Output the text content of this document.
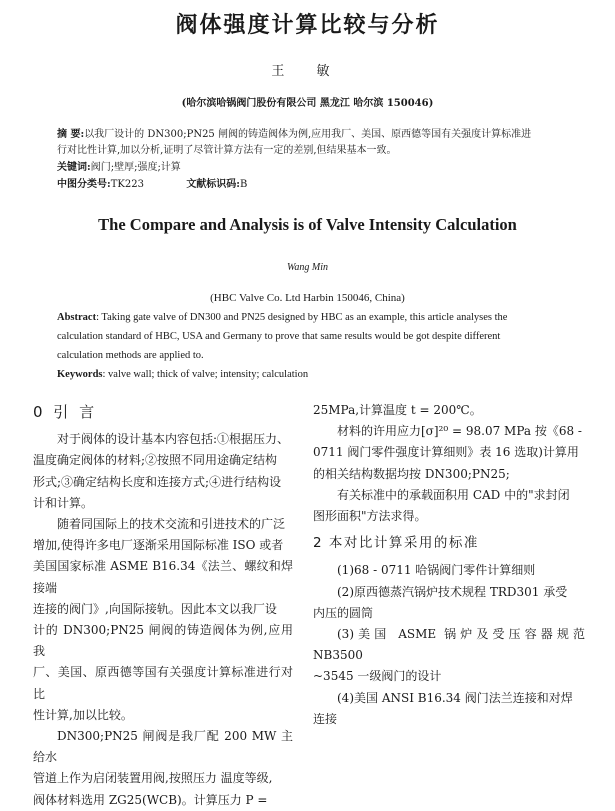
阀体强度计算比较与分析
王 敏
(哈尔滨哈锅阀门股份有限公司 黑龙江 哈尔滨 150046)
摘 要:以我厂设计的 DN300;PN25 闸阀的铸造阀体为例,应用我厂、美国、原西德等国有关强度计算标准进
行对比性计算,加以分析,证明了尽管计算方法有一定的差别,但结果基本一致。
关键词:阀门;壁厚;强度;计算
中图分类号:TK223	文献标识码:B
The Compare and Analysis is of Valve Intensity Calculation
Wang Min
(HBC Valve Co. Ltd Harbin 150046, China)
Abstract: Taking gate valve of DN300 and PN25 designed by HBC as an example, this article analyses the
calculation standard of HBC, USA and Germany to prove that same results would be got despite different
calculation methods are applied to.
Keywords: valve wall; thick of valve; intensity; calculation

0 引 言

对于阀体的设计基本内容包括:①根据压力、

温度确定阀体的材料;②按照不同用途确定结构

形式;③确定结构长度和连接方式;④进行结构设

计和计算。

随着同国际上的技术交流和引进技术的广泛

增加,使得许多电厂逐渐采用国际标准 ISO 或者

美国国家标准 ASME B16.34《法兰、螺纹和焊接端

连接的阀门》,向国际接轨。因此本文以我厂设

计的 DN300;PN25 闸阀的铸造阀体为例,应用我

厂、美国、原西德等国有关强度计算标准进行对比

性计算,加以比较。

DN300;PN25 闸阀是我厂配 200 MW 主给水

管道上作为启闭装置用阀,按照压力 温度等级,

阀体材料选用 ZG25(WCB)。计算压力 P =

25MPa,计算温度 t = 200℃。

材料的许用应力[σ]²⁰ = 98.07 MPa 按《68 -

0711 阀门零件强度计算细则》表 16 选取)计算用

的相关结构数据均按 DN300;PN25;

有关标准中的承载面积用 CAD 中的"求封闭

图形面积"方法求得。

2 本对比计算采用的标准

(1)68 - 0711 哈锅阀门零件计算细则

(2)原西德蒸汽锅炉技术规程 TRD301 承受

内压的圆筒

(3)美国 ASME 锅炉及受压容器规范 NB3500

~3545 一级阀门的设计

(4)美国 ANSI B16.34 阀门法兰连接和对焊

连接
